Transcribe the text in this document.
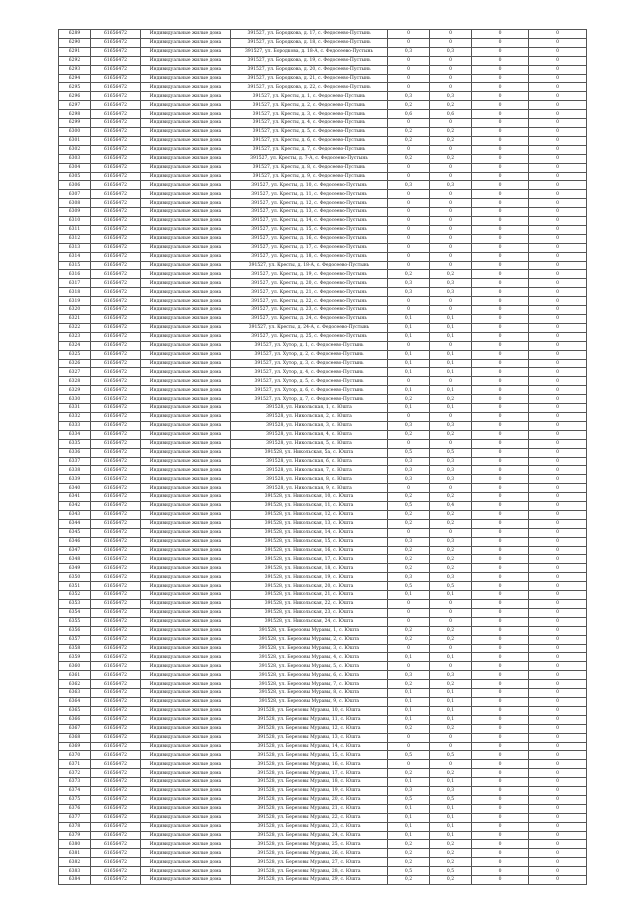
6289	61656472	Индивидуальные жилые дома	391527, ул. Бородкова, д. 17, с. Федосеево-Пустынь	0	0	0	0
6290	61656472	Индивидуальные жилые дома	391527, ул. Бородкова, д. 18, с. Федосеево-Пустынь	0	0	0	0
6291	61656472	Индивидуальные жилые дома	391527, ул. Бородкова, д. 18-А, с. Федосеево-Пустынь	0,3	0,3	0	0
6292	61656472	Индивидуальные жилые дома	391527, ул. Бородкова, д. 19, с. Федосеево-Пустынь	0	0	0	0
6293	61656472	Индивидуальные жилые дома	391527, ул. Бородкова, д. 20, с. Федосеево-Пустынь	0	0	0	0
6294	61656472	Индивидуальные жилые дома	391527, ул. Бородкова, д. 21, с. Федосеево-Пустынь	0	0	0	0
6295	61656472	Индивидуальные жилые дома	391527, ул. Бородкова, д. 22, с. Федосеево-Пустынь	0	0	0	0
6296	61656472	Индивидуальные жилые дома	391527, ул. Кресты, д. 1, с. Федосеево-Пустынь	0,3	0,3	0	0
6297	61656472	Индивидуальные жилые дома	391527, ул. Кресты, д. 2, с. Федосеево-Пустынь	0,2	0,2	0	0
6298	61656472	Индивидуальные жилые дома	391527, ул. Кресты, д. 3, с. Федосеево-Пустынь	0,6	0,6	0	0
6299	61656472	Индивидуальные жилые дома	391527, ул. Кресты, д. 4, с. Федосеево-Пустынь	0	0	0	0
6300	61656472	Индивидуальные жилые дома	391527, ул. Кресты, д. 5, с. Федосеево-Пустынь	0,2	0,2	0	0
6301	61656472	Индивидуальные жилые дома	391527, ул. Кресты, д. 6, с. Федосеево-Пустынь	0,2	0,2	0	0
6302	61656472	Индивидуальные жилые дома	391527, ул. Кресты, д. 7, с. Федосеево-Пустынь	0	0	0	0
6303	61656472	Индивидуальные жилые дома	391527, ул. Кресты, д. 7-А, с. Федосеево-Пустынь	0,2	0,2	0	0
6304	61656472	Индивидуальные жилые дома	391527, ул. Кресты, д. 8, с. Федосеево-Пустынь	0	0	0	0
6305	61656472	Индивидуальные жилые дома	391527, ул. Кресты, д. 9, с. Федосеево-Пустынь	0	0	0	0
6306	61656472	Индивидуальные жилые дома	391527, ул. Кресты, д. 10, с. Федосеево-Пустынь	0,3	0,3	0	0
6307	61656472	Индивидуальные жилые дома	391527, ул. Кресты, д. 11, с. Федосеево-Пустынь	0	0	0	0
6308	61656472	Индивидуальные жилые дома	391527, ул. Кресты, д. 12, с. Федосеево-Пустынь	0	0	0	0
6309	61656472	Индивидуальные жилые дома	391527, ул. Кресты, д. 13, с. Федосеево-Пустынь	0	0	0	0
6310	61656472	Индивидуальные жилые дома	391527, ул. Кресты, д. 14, с. Федосеево-Пустынь	0	0	0	0
6311	61656472	Индивидуальные жилые дома	391527, ул. Кресты, д. 15, с. Федосеево-Пустынь	0	0	0	0
6312	61656472	Индивидуальные жилые дома	391527, ул. Кресты, д. 16, с. Федосеево-Пустынь	0	0	0	0
6313	61656472	Индивидуальные жилые дома	391527, ул. Кресты, д. 17, с. Федосеево-Пустынь	0	0	0	0
6314	61656472	Индивидуальные жилые дома	391527, ул. Кресты, д. 18, с. Федосеево-Пустынь	0	0	0	0
6315	61656472	Индивидуальные жилые дома	391527, ул. Кресты, д. 18-А, с. Федосеево-Пустынь	0	0	0	0
6316	61656472	Индивидуальные жилые дома	391527, ул. Кресты, д. 19, с. Федосеево-Пустынь	0,2	0,2	0	0
6317	61656472	Индивидуальные жилые дома	391527, ул. Кресты, д. 20, с. Федосеево-Пустынь	0,3	0,3	0	0
6318	61656472	Индивидуальные жилые дома	391527, ул. Кресты, д. 21, с. Федосеево-Пустынь	0,3	0,3	0	0
6319	61656472	Индивидуальные жилые дома	391527, ул. Кресты, д. 22, с. Федосеево-Пустынь	0	0	0	0
6320	61656472	Индивидуальные жилые дома	391527, ул. Кресты, д. 23, с. Федосеево-Пустынь	0	0	0	0
6321	61656472	Индивидуальные жилые дома	391527, ул. Кресты, д. 24, с. Федосеево-Пустынь	0,1	0,1	0	0
6322	61656472	Индивидуальные жилые дома	391527, ул. Кресты, д. 24-А, с. Федосеево-Пустынь	0,1	0,1	0	0
6323	61656472	Индивидуальные жилые дома	391527, ул. Кресты, д. 25, с. Федосеево-Пустынь	0,1	0,1	0	0
6324	61656472	Индивидуальные жилые дома	391527, ул. Хутор, д. 1, с. Федосеево-Пустынь	0	0	0	0
6325	61656472	Индивидуальные жилые дома	391527, ул. Хутор, д. 2, с. Федосеево-Пустынь	0,1	0,1	0	0
6326	61656472	Индивидуальные жилые дома	391527, ул. Хутор, д. 3, с. Федосеево-Пустынь	0,1	0,1	0	0
6327	61656472	Индивидуальные жилые дома	391527, ул. Хутор, д. 4, с. Федосеево-Пустынь	0,1	0,1	0	0
6328	61656472	Индивидуальные жилые дома	391527, ул. Хутор, д. 5, с. Федосеево-Пустынь	0	0	0	0
6329	61656472	Индивидуальные жилые дома	391527, ул. Хутор, д. 6, с. Федосеево-Пустынь	0,1	0,1	0	0
6330	61656472	Индивидуальные жилые дома	391527, ул. Хутор, д. 7, с. Федосеево-Пустынь	0,2	0,2	0	0
6331	61656472	Индивидуальные жилые дома	391528, ул. Никольская, 1, с. Юшта	0,1	0,1	0	0
6332	61656472	Индивидуальные жилые дома	391528, ул. Никольская, 2, с. Юшта	0	0	0	0
6333	61656472	Индивидуальные жилые дома	391528, ул. Никольская, 3, с. Юшта	0,3	0,3	0	0
6334	61656472	Индивидуальные жилые дома	391528, ул. Никольская, 4, с. Юшта	0,2	0,2	0	0
6335	61656472	Индивидуальные жилые дома	391528, ул. Никольская, 5, с. Юшта	0	0	0	0
6336	61656472	Индивидуальные жилые дома	391528, ул. Никольская, 5а, с. Юшта	0,5	0,5	0	0
6337	61656472	Индивидуальные жилые дома	391528, ул. Никольская, 6, с. Юшта	0,3	0,3	0	0
6338	61656472	Индивидуальные жилые дома	391528, ул. Никольская, 7, с. Юшта	0,3	0,3	0	0
6339	61656472	Индивидуальные жилые дома	391528, ул. Никольская, 8, с. Юшта	0,3	0,3	0	0
6340	61656472	Индивидуальные жилые дома	391528, ул. Никольская, 9, с. Юшта	0	0	0	0
6341	61656472	Индивидуальные жилые дома	391528, ул. Никольская, 10, с. Юшта	0,2	0,2	0	0
6342	61656472	Индивидуальные жилые дома	391528, ул. Никольская, 11, с. Юшта	0,5	0,4	0	0
6343	61656472	Индивидуальные жилые дома	391528, ул. Никольская, 12, с. Юшта	0,2	0,2	0	0
6344	61656472	Индивидуальные жилые дома	391528, ул. Никольская, 13, с. Юшта	0,2	0,2	0	0
6345	61656472	Индивидуальные жилые дома	391528, ул. Никольская, 14, с. Юшта	0	0	0	0
6346	61656472	Индивидуальные жилые дома	391528, ул. Никольская, 15, с. Юшта	0,3	0,3	0	0
6347	61656472	Индивидуальные жилые дома	391528, ул. Никольская, 16, с. Юшта	0,2	0,2	0	0
6348	61656472	Индивидуальные жилые дома	391528, ул. Никольская, 17, с. Юшта	0,2	0,2	0	0
6349	61656472	Индивидуальные жилые дома	391528, ул. Никольская, 18, с. Юшта	0,2	0,2	0	0
6350	61656472	Индивидуальные жилые дома	391528, ул. Никольская, 19, с. Юшта	0,3	0,3	0	0
6351	61656472	Индивидуальные жилые дома	391528, ул. Никольская, 20, с. Юшта	0,5	0,5	0	0
6352	61656472	Индивидуальные жилые дома	391528, ул. Никольская, 21, с. Юшта	0,1	0,1	0	0
6353	61656472	Индивидуальные жилые дома	391528, ул. Никольская, 22, с. Юшта	0	0	0	0
6354	61656472	Индивидуальные жилые дома	391528, ул. Никольская, 23, с. Юшта	0	0	0	0
6355	61656472	Индивидуальные жилые дома	391528, ул. Никольская, 24, с. Юшта	0	0	0	0
6356	61656472	Индивидуальные жилые дома	391528, ул. Березовы Муравы, 1, с. Юшта	0,2	0,2	0	0
6357	61656472	Индивидуальные жилые дома	391528, ул. Березовы Муравы, 2, с. Юшта	0,2	0,2	0	0
6358	61656472	Индивидуальные жилые дома	391528, ул. Березовы Муравы, 3, с. Юшта	0	0	0	0
6359	61656472	Индивидуальные жилые дома	391528, ул. Березовы Муравы, 4, с. Юшта	0,1	0,1	0	0
6360	61656472	Индивидуальные жилые дома	391528, ул. Березовы Муравы, 5, с. Юшта	0	0	0	0
6361	61656472	Индивидуальные жилые дома	391528, ул. Березовы Муравы, 6, с. Юшта	0,3	0,3	0	0
6362	61656472	Индивидуальные жилые дома	391528, ул. Березовы Муравы, 7, с. Юшта	0,2	0,2	0	0
6363	61656472	Индивидуальные жилые дома	391528, ул. Березовы Муравы, 8, с. Юшта	0,1	0,1	0	0
6364	61656472	Индивидуальные жилые дома	391528, ул. Березовы Муравы, 9, с. Юшта	0,1	0,1	0	0
6365	61656472	Индивидуальные жилые дома	391528, ул. Березовы Муравы, 10, с. Юшта	0,1	0,1	0	0
6366	61656472	Индивидуальные жилые дома	391528, ул. Березовы Муравы, 11, с. Юшта	0,1	0,1	0	0
6367	61656472	Индивидуальные жилые дома	391528, ул. Березовы Муравы, 12, с. Юшта	0,2	0,2	0	0
6368	61656472	Индивидуальные жилые дома	391528, ул. Березовы Муравы, 13, с. Юшта	0	0	0	0
6369	61656472	Индивидуальные жилые дома	391528, ул. Березовы Муравы, 14, с. Юшта	0	0	0	0
6370	61656472	Индивидуальные жилые дома	391528, ул. Березовы Муравы, 15, с. Юшта	0,5	0,5	0	0
6371	61656472	Индивидуальные жилые дома	391528, ул. Березовы Муравы, 16, с. Юшта	0	0	0	0
6372	61656472	Индивидуальные жилые дома	391528, ул. Березовы Муравы, 17, с. Юшта	0,2	0,2	0	0
6373	61656472	Индивидуальные жилые дома	391528, ул. Березовы Муравы, 18, с. Юшта	0,1	0,1	0	0
6374	61656472	Индивидуальные жилые дома	391528, ул. Березовы Муравы, 19, с. Юшта	0,3	0,3	0	0
6375	61656472	Индивидуальные жилые дома	391528, ул. Березовы Муравы, 20, с. Юшта	0,5	0,5	0	0
6376	61656472	Индивидуальные жилые дома	391528, ул. Березовы Муравы, 21, с. Юшта	0,1	0,1	0	0
6377	61656472	Индивидуальные жилые дома	391528, ул. Березовы Муравы, 22, с. Юшта	0,1	0,1	0	0
6378	61656472	Индивидуальные жилые дома	391528, ул. Березовы Муравы, 23, с. Юшта	0,1	0,1	0	0
6379	61656472	Индивидуальные жилые дома	391528, ул. Березовы Муравы, 24, с. Юшта	0,1	0,1	0	0
6380	61656472	Индивидуальные жилые дома	391528, ул. Березовы Муравы, 25, с. Юшта	0,2	0,2	0	0
6381	61656472	Индивидуальные жилые дома	391528, ул. Березовы Муравы, 26, с. Юшта	0,2	0,2	0	0
6382	61656472	Индивидуальные жилые дома	391528, ул. Березовы Муравы, 27, с. Юшта	0,2	0,2	0	0
6383	61656472	Индивидуальные жилые дома	391528, ул. Березовы Муравы, 28, с. Юшта	0,5	0,5	0	0
6384	61656472	Индивидуальные жилые дома	391528, ул. Березовы Муравы, 29, с. Юшта	0,2	0,2	0	0
